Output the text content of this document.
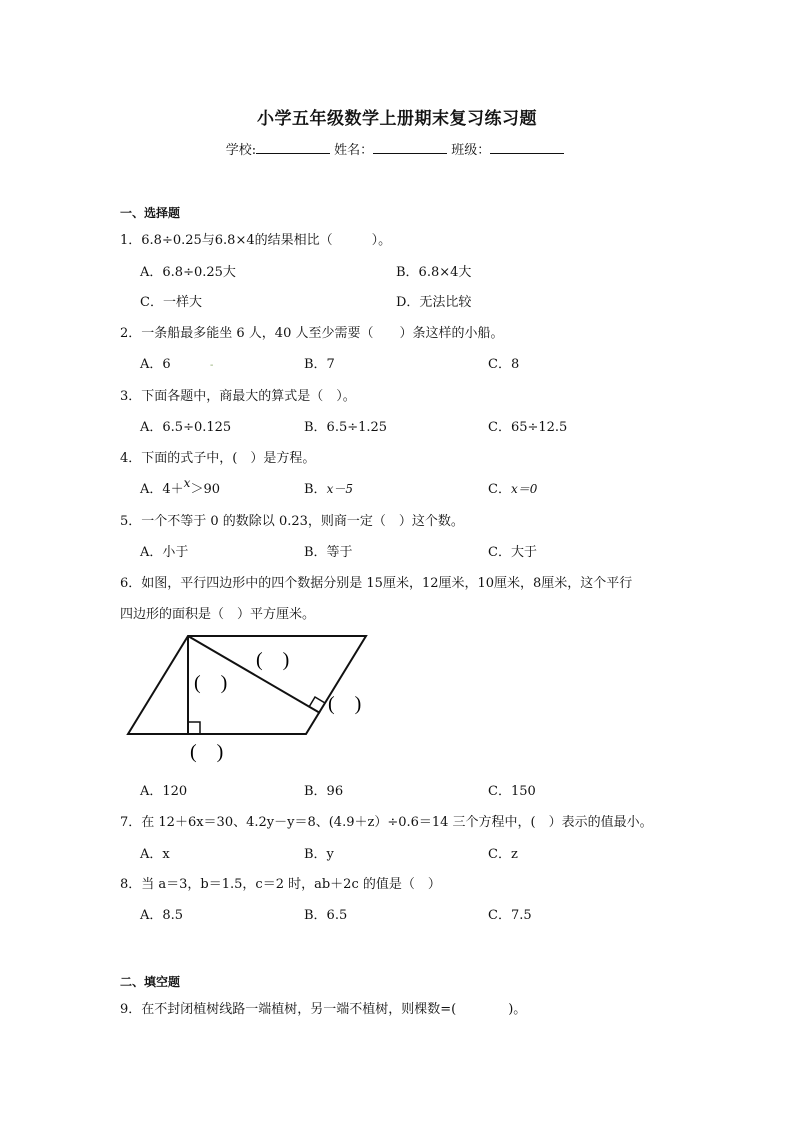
小学五年级数学上册期末复习练习题
学校:	姓名：	班级：
一、选择题
1．6.8÷0.25与6.8×4的结果相比（　　　）。
A．6.8÷0.25大	B．6.8×4大
C．一样大	D．无法比较
2．一条船最多能坐 6 人，40 人至少需要（　　）条这样的小船。
A．6	-	B．7	C．8
3．下面各题中，商最大的算式是（　）。
A．6.5÷0.125	B．6.5÷1.25	C．65÷12.5
4．下面的式子中，(　）是方程。
A．4＋x＞90	B．x－5	C．x＝0
5．一个不等于 0 的数除以 0.23，则商一定（　）这个数。
A．小于	B．等于	C．大于
6．如图，平行四边形中的四个数据分别是 15厘米，12厘米，10厘米，8厘米，这个平行
四边形的面积是（　）平方厘米。
(　)
(　)
(　)
(　)
A．120	B．96	C．150
7．在 12＋6x＝30、4.2y－y＝8、(4.9＋z）÷0.6＝14 三个方程中，(　）表示的值最小。
A．x	B．y	C．z
8．当 a＝3，b＝1.5，c＝2 时，ab＋2c 的值是（　）
A．8.5	B．6.5	C．7.5
二、填空题
9．在不封闭植树线路一端植树，另一端不植树，则棵数=(　　　　)。
